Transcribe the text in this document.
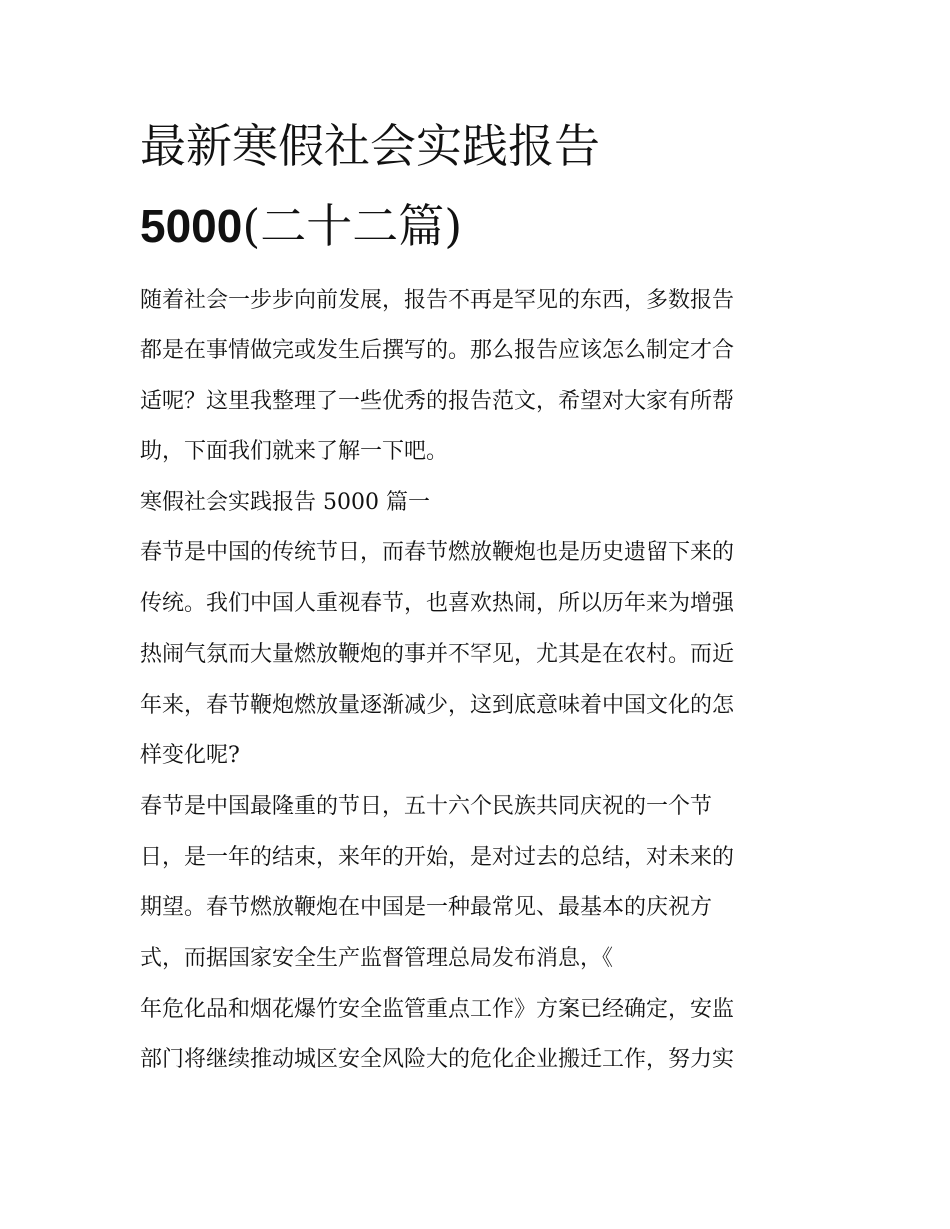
最新寒假社会实践报告
5000(二十二篇)
随着社会一步步向前发展，报告不再是罕见的东西，多数报告
都是在事情做完或发生后撰写的。那么报告应该怎么制定才合
适呢？这里我整理了一些优秀的报告范文，希望对大家有所帮
助，下面我们就来了解一下吧。
寒假社会实践报告 5000 篇一
春节是中国的传统节日，而春节燃放鞭炮也是历史遗留下来的
传统。我们中国人重视春节，也喜欢热闹，所以历年来为增强
热闹气氛而大量燃放鞭炮的事并不罕见，尤其是在农村。而近
年来，春节鞭炮燃放量逐渐减少，这到底意味着中国文化的怎
样变化呢?
春节是中国最隆重的节日，五十六个民族共同庆祝的一个节
日，是一年的结束，来年的开始，是对过去的总结，对未来的
期望。春节燃放鞭炮在中国是一种最常见、最基本的庆祝方
式，而据国家安全生产监督管理总局发布消息，《
年危化品和烟花爆竹安全监管重点工作》方案已经确定，安监
部门将继续推动城区安全风险大的危化企业搬迁工作，努力实
